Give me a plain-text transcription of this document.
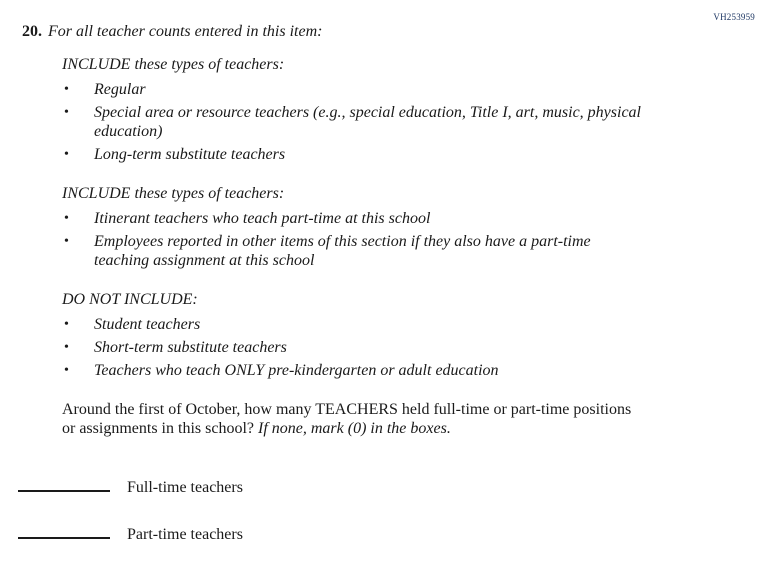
VH253959
20. For all teacher counts entered in this item:
INCLUDE these types of teachers:
•	Regular
•	Special area or resource teachers (e.g., special education, Title I, art, music, physical education)
•	Long-term substitute teachers
INCLUDE these types of teachers:
•	Itinerant teachers who teach part-time at this school
•	Employees reported in other items of this section if they also have a part-time teaching assignment at this school
DO NOT INCLUDE:
•	Student teachers
•	Short-term substitute teachers
•	Teachers who teach ONLY pre-kindergarten or adult education
Around the first of October, how many TEACHERS held full-time or part-time positions or assignments in this school? If none, mark (0) in the boxes.
Full-time teachers
Part-time teachers
